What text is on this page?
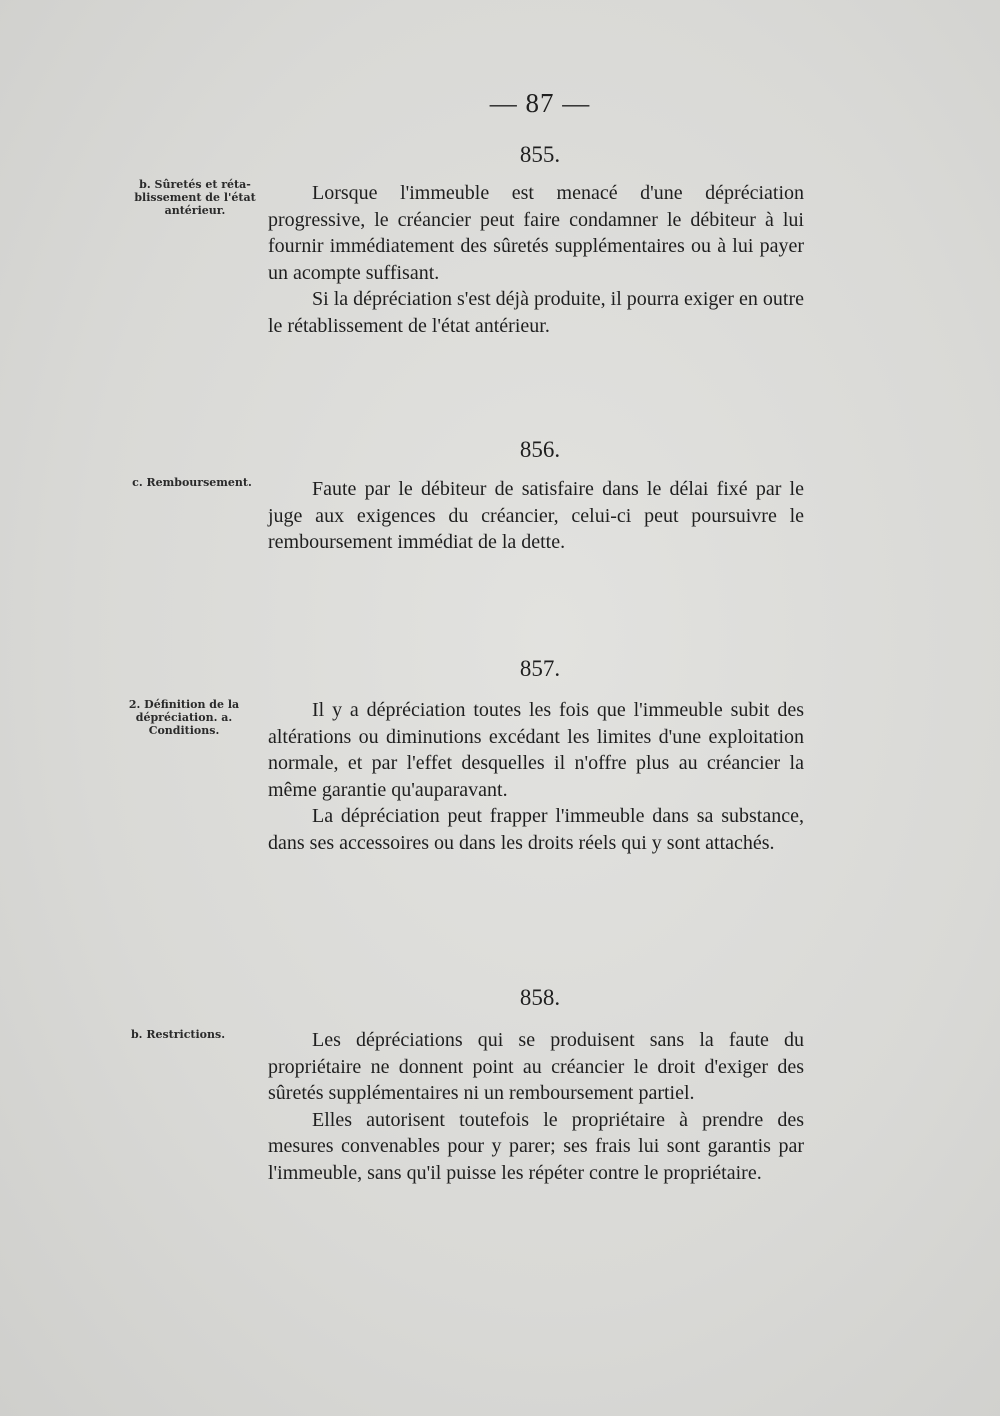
— 87 —
855.
b. Sûretés et réta-blissement de l'état antérieur.

Lorsque l'immeuble est menacé d'une dépréciation progressive, le créancier peut faire condamner le débiteur à lui fournir immédiatement des sûretés supplémentaires ou à lui payer un acompte suffisant.

Si la dépréciation s'est déjà produite, il pourra exiger en outre le rétablissement de l'état antérieur.

856.
c. Remboursement.	Faute par le débiteur de satisfaire dans le délai fixé par le juge aux exigences du créancier, celui-ci peut poursuivre le remboursement immédiat de la dette.

857.
2. Définition de la dépréciation. a. Conditions.

Il y a dépréciation toutes les fois que l'immeuble subit des altérations ou diminutions excédant les limites d'une exploitation normale, et par l'effet desquelles il n'offre plus au créancier la même garantie qu'auparavant.

La dépréciation peut frapper l'immeuble dans sa substance, dans ses accessoires ou dans les droits réels qui y sont attachés.

858.
b. Restrictions.	Les dépréciations qui se produisent sans la faute du propriétaire ne donnent point au créancier le droit d'exiger des sûretés supplémentaires ni un remboursement partiel.

Elles autorisent toutefois le propriétaire à prendre des mesures convenables pour y parer; ses frais lui sont garantis par l'immeuble, sans qu'il puisse les répéter contre le propriétaire.
